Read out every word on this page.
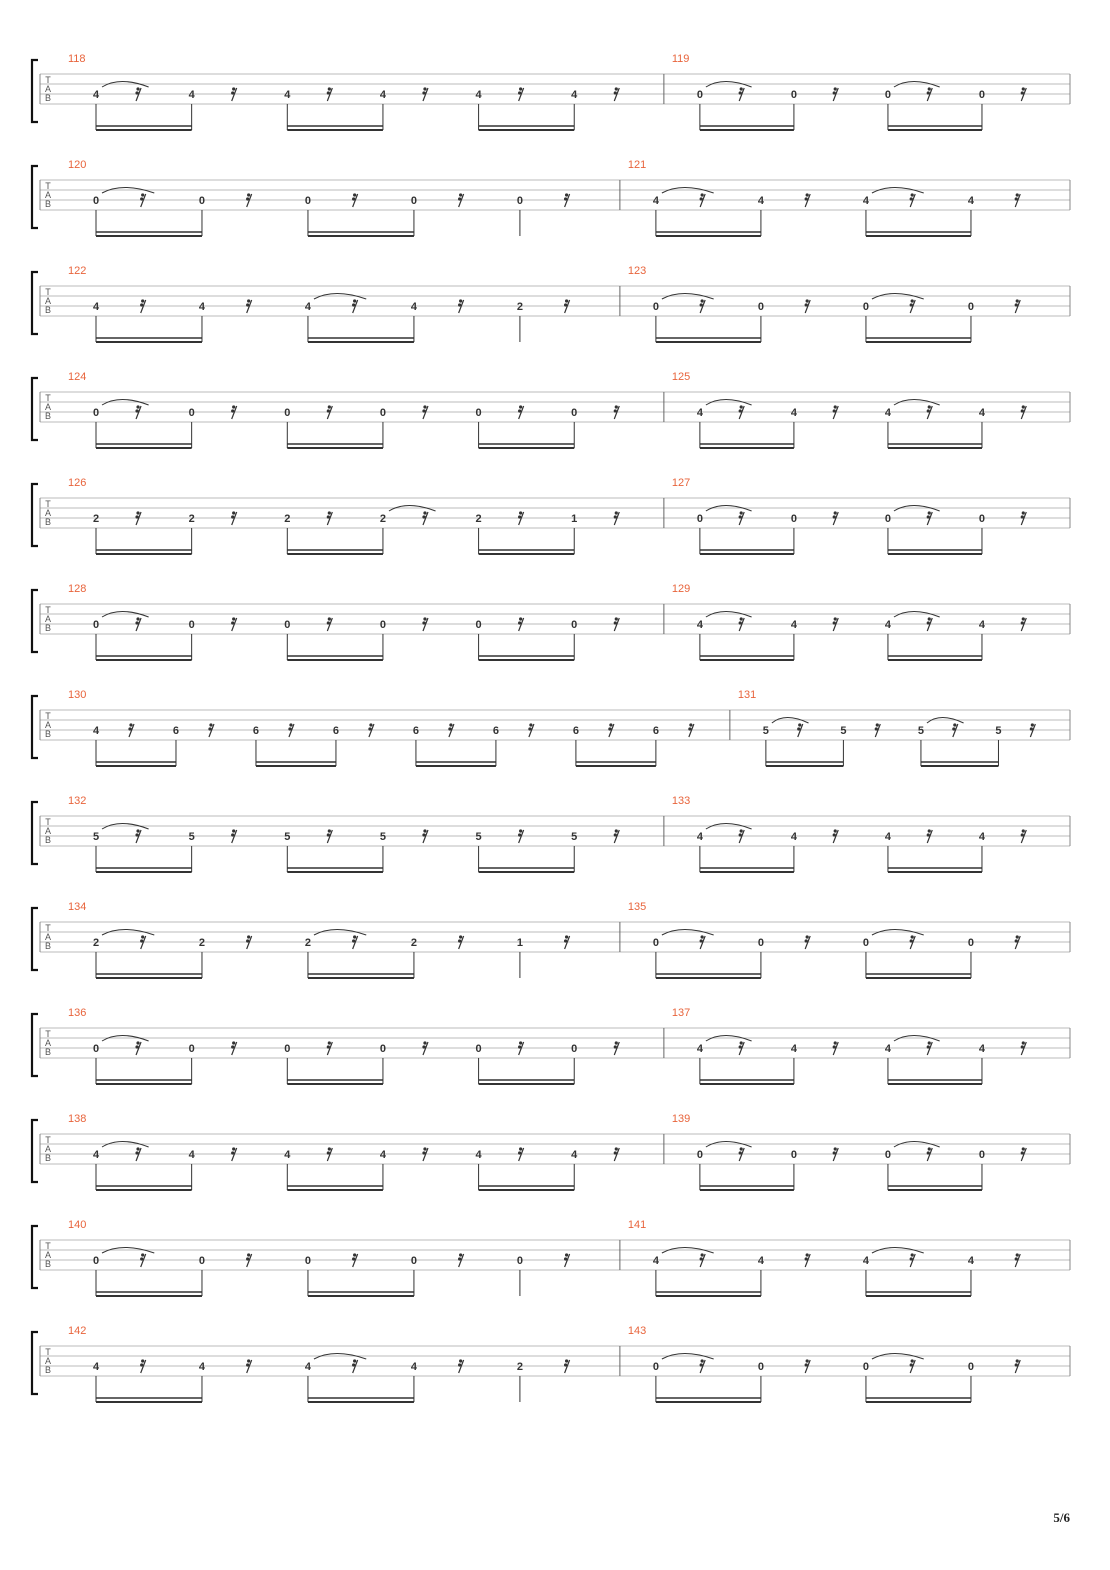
T
A
B
118
4	4	4	4	4	4
119
0	0	0	0
T
A
B
120
0	0	0	0	0
121
4	4	4	4
T
A
B
122
4	4	4	4	2
123
0	0	0	0
T
A
B
124
0	0	0	0	0	0
125
4	4	4	4
T
A
B
126
2	2	2	2	2	1
127
0	0	0	0
T
A
B
128
0	0	0	0	0	0
129
4	4	4	4
T
A
B
130
4	6	6	6	6	6	6	6
131
5	5	5	5
T
A
B
132
5	5	5	5	5	5
133
4	4	4	4
T
A
B
134
2	2	2	2	1
135
0	0	0	0
T
A
B
136
0	0	0	0	0	0
137
4	4	4	4
T
A
B
138
4	4	4	4	4	4
139
0	0	0	0
T
A
B
140
0	0	0	0	0
141
4	4	4	4
T
A
B
142
4	4	4	4	2
143
0	0	0	0
5/6
